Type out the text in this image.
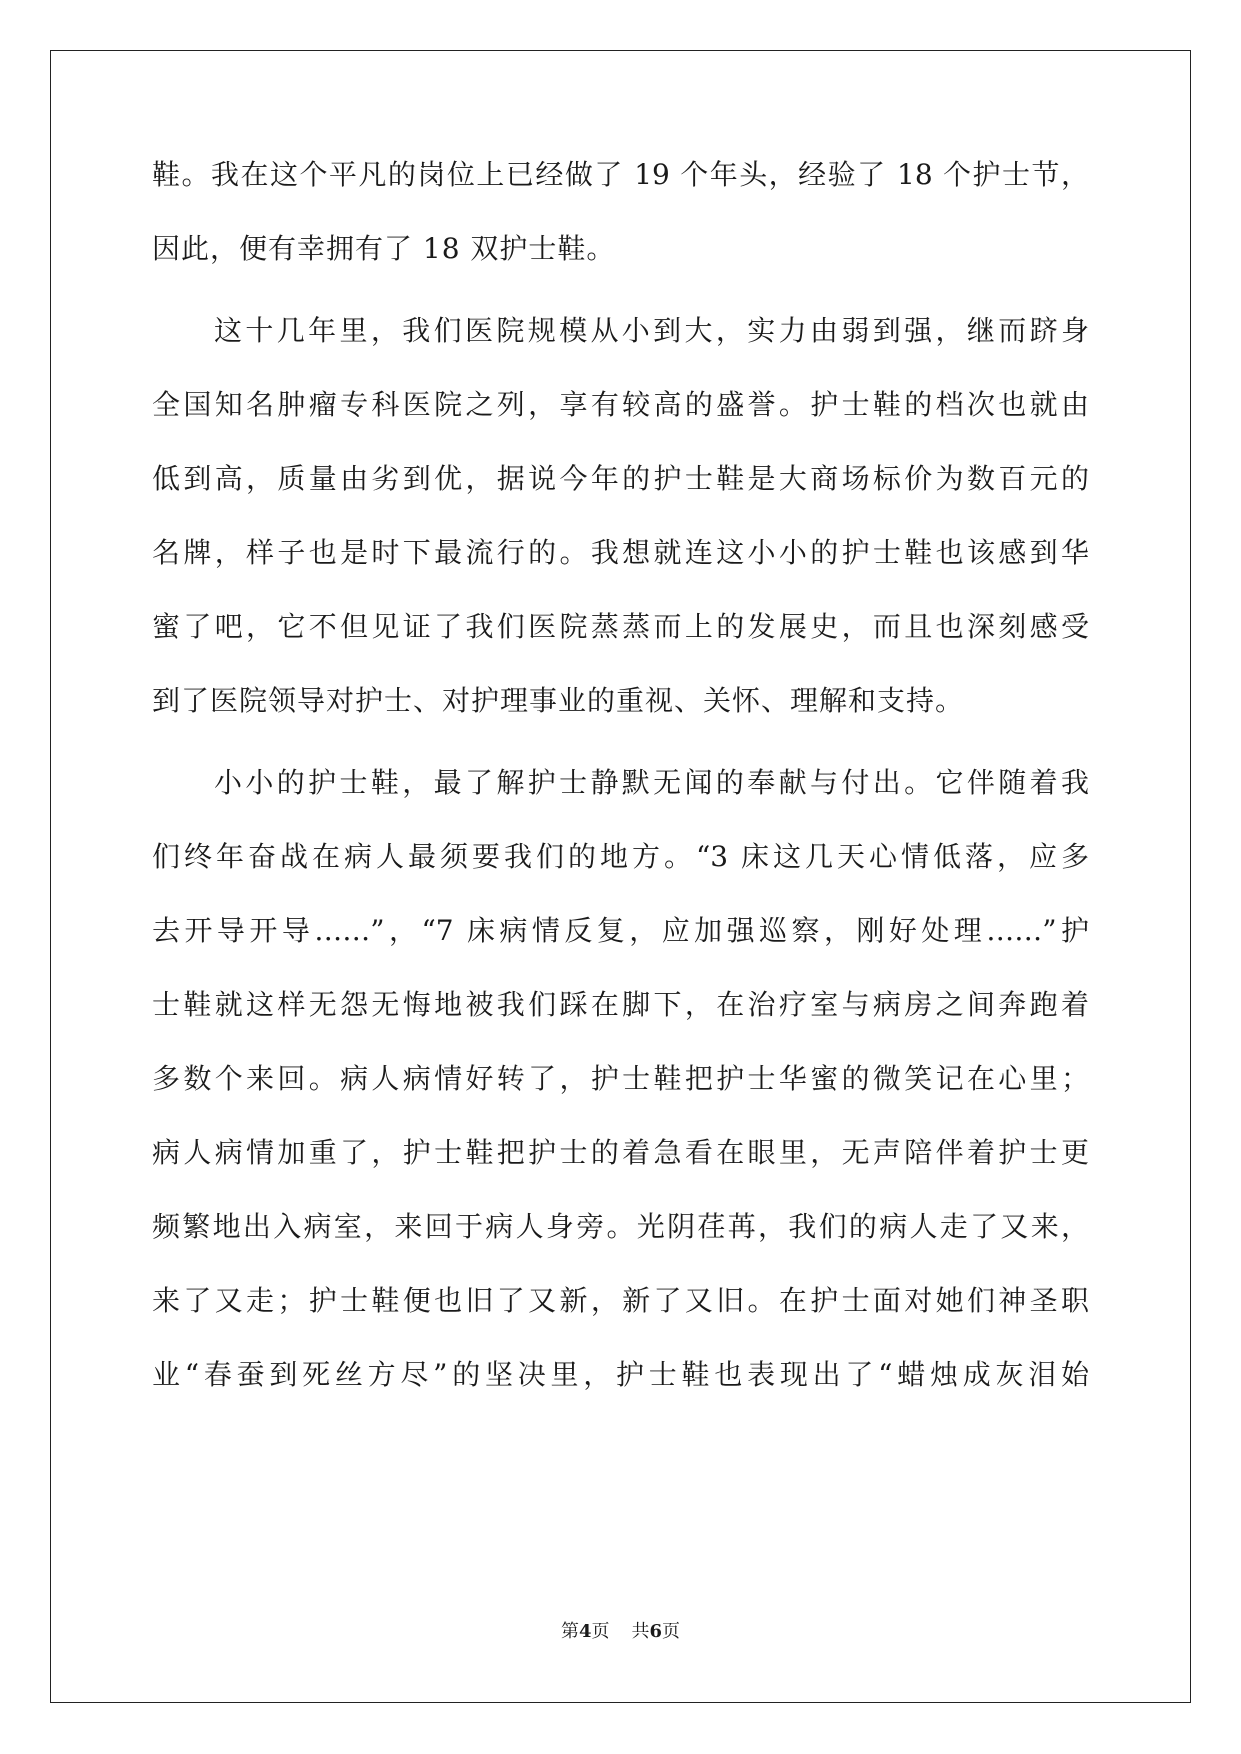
鞋。我在这个平凡的岗位上已经做了 19 个年头，经验了 18 个护士节，
因此，便有幸拥有了 18 双护士鞋。
这十几年里，我们医院规模从小到大，实力由弱到强，继而跻身
全国知名肿瘤专科医院之列，享有较高的盛誉。护士鞋的档次也就由
低到高，质量由劣到优，据说今年的护士鞋是大商场标价为数百元的
名牌，样子也是时下最流行的。我想就连这小小的护士鞋也该感到华
蜜了吧，它不但见证了我们医院蒸蒸而上的发展史，而且也深刻感受
到了医院领导对护士、对护理事业的重视、关怀、理解和支持。
小小的护士鞋，最了解护士静默无闻的奉献与付出。它伴随着我
们终年奋战在病人最须要我们的地方。“3 床这几天心情低落，应多
去开导开导……”，“7 床病情反复，应加强巡察，刚好处理……”护
士鞋就这样无怨无悔地被我们踩在脚下，在治疗室与病房之间奔跑着
多数个来回。病人病情好转了，护士鞋把护士华蜜的微笑记在心里；
病人病情加重了，护士鞋把护士的着急看在眼里，无声陪伴着护士更
频繁地出入病室，来回于病人身旁。光阴荏苒，我们的病人走了又来，
来了又走；护士鞋便也旧了又新，新了又旧。在护士面对她们神圣职
业“春蚕到死丝方尽”的坚决里，护士鞋也表现出了“蜡烛成灰泪始
第4页 共6页
